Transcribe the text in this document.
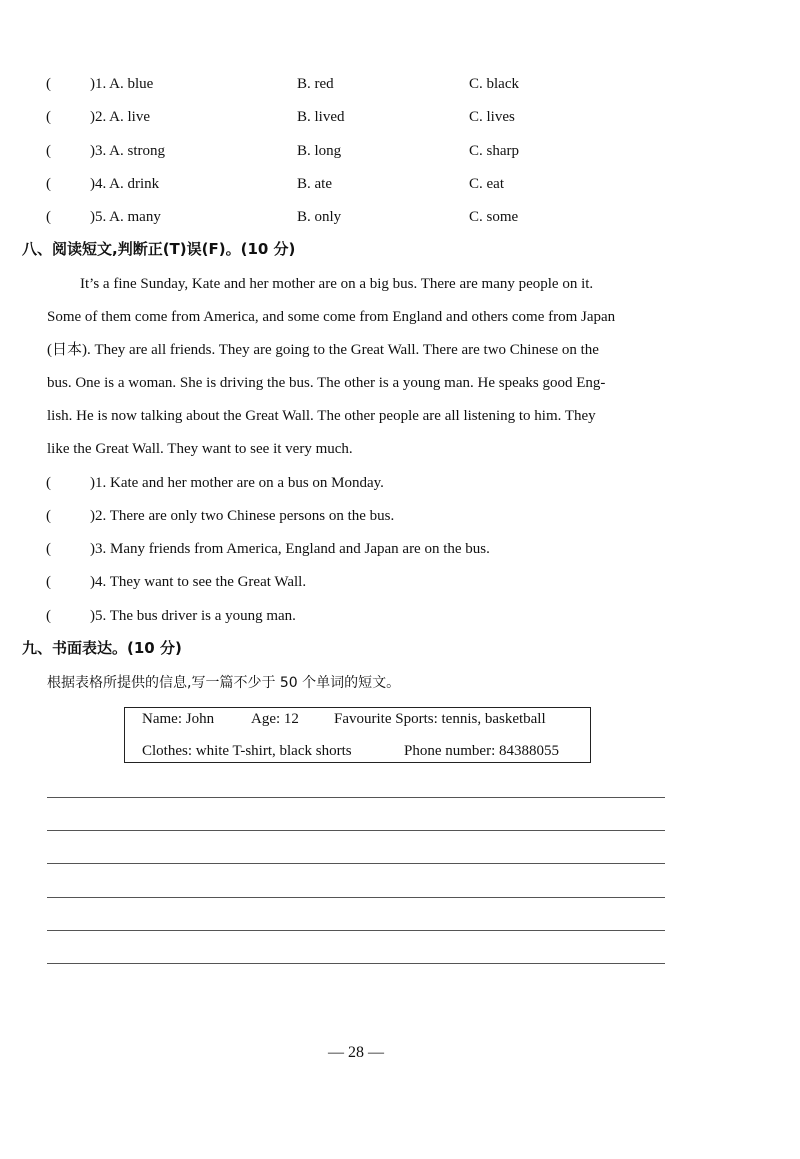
(	)1. A. blue	B. red	C. black
(	)2. A. live	B. lived	C. lives
(	)3. A. strong	B. long	C. sharp
(	)4. A. drink	B. ate	C. eat
(	)5. A. many	B. only	C. some
八、阅读短文,判断正(T)误(F)。(10 分)
It’s a fine Sunday, Kate and her mother are on a big bus. There are many people on it.
Some of them come from America, and some come from England and others come from Japan
(日本). They are all friends. They are going to the Great Wall. There are two Chinese on the
bus. One is a woman. She is driving the bus. The other is a young man. He speaks good Eng-
lish. He is now talking about the Great Wall. The other people are all listening to him. They
like the Great Wall. They want to see it very much.
(	)1. Kate and her mother are on a bus on Monday.
(	)2. There are only two Chinese persons on the bus.
(	)3. Many friends from America, England and Japan are on the bus.
(	)4. They want to see the Great Wall.
(	)5. The bus driver is a young man.
九、书面表达。(10 分)
根据表格所提供的信息,写一篇不少于 50 个单词的短文。
Name: John Age: 12 Favourite Sports: tennis, basketball
Clothes: white T-shirt, black shorts	Phone number: 84388055
— 28 —
